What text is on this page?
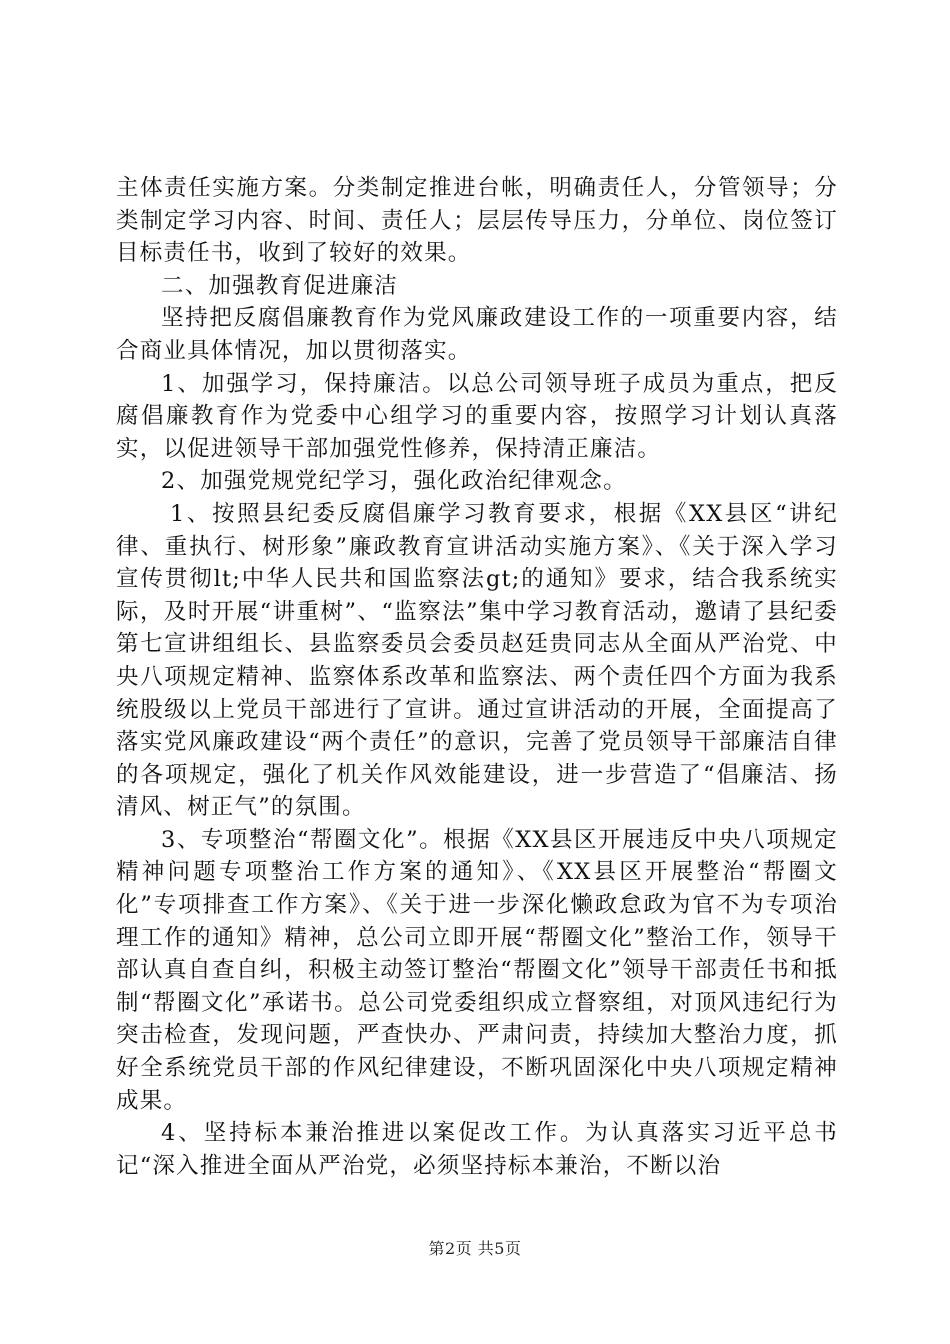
主体责任实施方案。分类制定推进台帐，明确责任人，分管领导；分类制定学习内容、时间、责任人；层层传导压力，分单位、岗位签订目标责任书，收到了较好的效果。

二、加强教育促进廉洁

坚持把反腐倡廉教育作为党风廉政建设工作的一项重要内容，结合商业具体情况，加以贯彻落实。

1、加强学习，保持廉洁。以总公司领导班子成员为重点，把反腐倡廉教育作为党委中心组学习的重要内容，按照学习计划认真落实，以促进领导干部加强党性修养，保持清正廉洁。

2、加强党规党纪学习，强化政治纪律观念。

1、按照县纪委反腐倡廉学习教育要求，根据《XX县区“讲纪律、重执行、树形象”廉政教育宣讲活动实施方案》、《关于深入学习宣传贯彻lt;中华人民共和国监察法gt;的通知》要求，结合我系统实际，及时开展“讲重树”、“监察法”集中学习教育活动，邀请了县纪委第七宣讲组组长、县监察委员会委员赵廷贵同志从全面从严治党、中央八项规定精神、监察体系改革和监察法、两个责任四个方面为我系统股级以上党员干部进行了宣讲。通过宣讲活动的开展，全面提高了落实党风廉政建设“两个责任”的意识，完善了党员领导干部廉洁自律的各项规定，强化了机关作风效能建设，进一步营造了“倡廉洁、扬清风、树正气”的氛围。

3、专项整治“帮圈文化”。根据《XX县区开展违反中央八项规定精神问题专项整治工作方案的通知》、《XX县区开展整治“帮圈文化”专项排查工作方案》、《关于进一步深化懒政怠政为官不为专项治理工作的通知》精神，总公司立即开展“帮圈文化”整治工作，领导干部认真自查自纠，积极主动签订整治“帮圈文化”领导干部责任书和抵制“帮圈文化”承诺书。总公司党委组织成立督察组，对顶风违纪行为突击检查，发现问题，严查快办、严肃问责，持续加大整治力度，抓好全系统党员干部的作风纪律建设，不断巩固深化中央八项规定精神成果。

4、坚持标本兼治推进以案促改工作。为认真落实习近平总书记“深入推进全面从严治党，必须坚持标本兼治，不断以治

第2页 共5页
